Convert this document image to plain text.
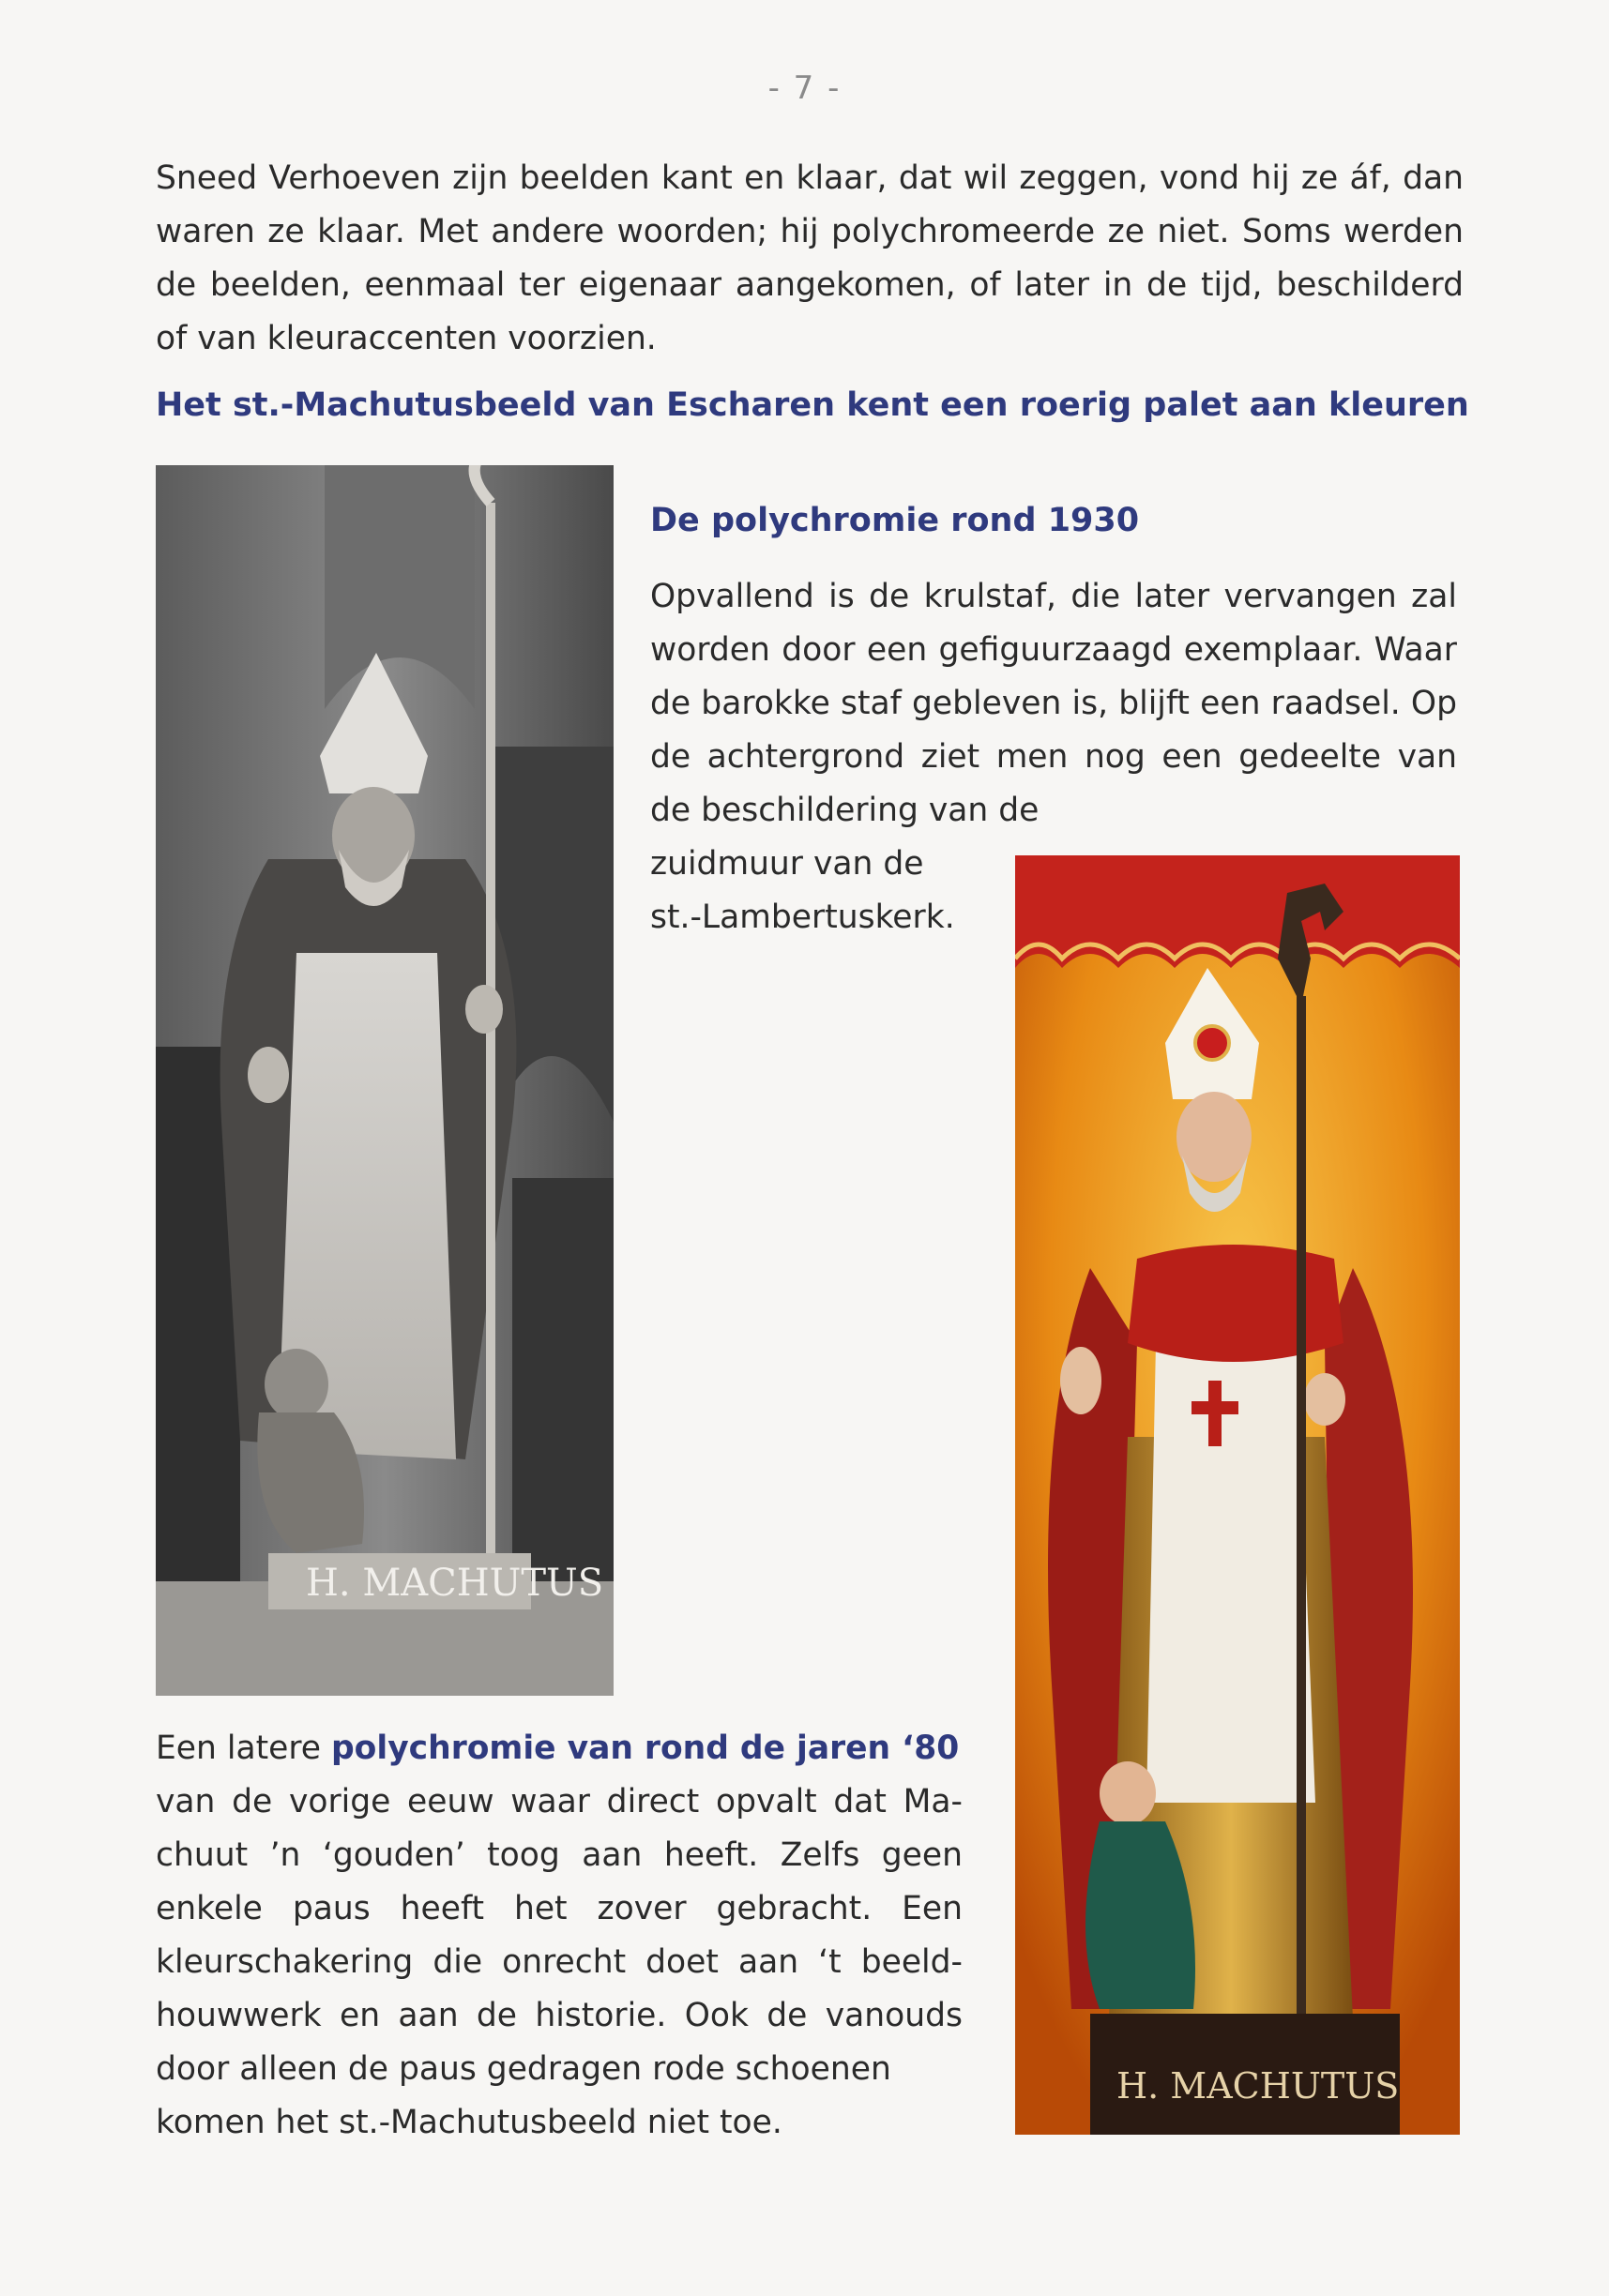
- 7 -

Sneed Verhoeven zijn beelden kant en klaar, dat wil zeggen, vond hij ze áf, dan waren ze klaar. Met andere woorden; hij polychromeerde ze niet. Soms werden de beelden, eenmaal ter eigenaar aangekomen, of later in de tijd, beschilderd of van kleuraccenten voorzien.

Het st.-Machutusbeeld van Escharen kent een roerig palet aan kleuren
H. MACHUTUS
De polychromie rond 1930

Opvallend is de krulstaf, die later vervangen zal worden door een gefiguurzaagd exemplaar. Waar de barokke staf gebleven is, blijft een raadsel. Op de achtergrond ziet men nog een gedeelte van de beschildering van de

zuidmuur van de
st.-Lambertuskerk.

H. MACHUTUS

Een latere polychromie van rond de jaren ‘80
van de vorige eeuw waar direct opvalt dat Ma-
chuut ’n ‘gouden’ toog aan heeft. Zelfs geen
enkele paus heeft het zover gebracht. Een
kleurschakering die onrecht doet aan ‘t beeld-
houwwerk en aan de historie. Ook de vanouds
door alleen de paus gedragen rode schoenen
komen het st.-Machutusbeeld niet toe.
